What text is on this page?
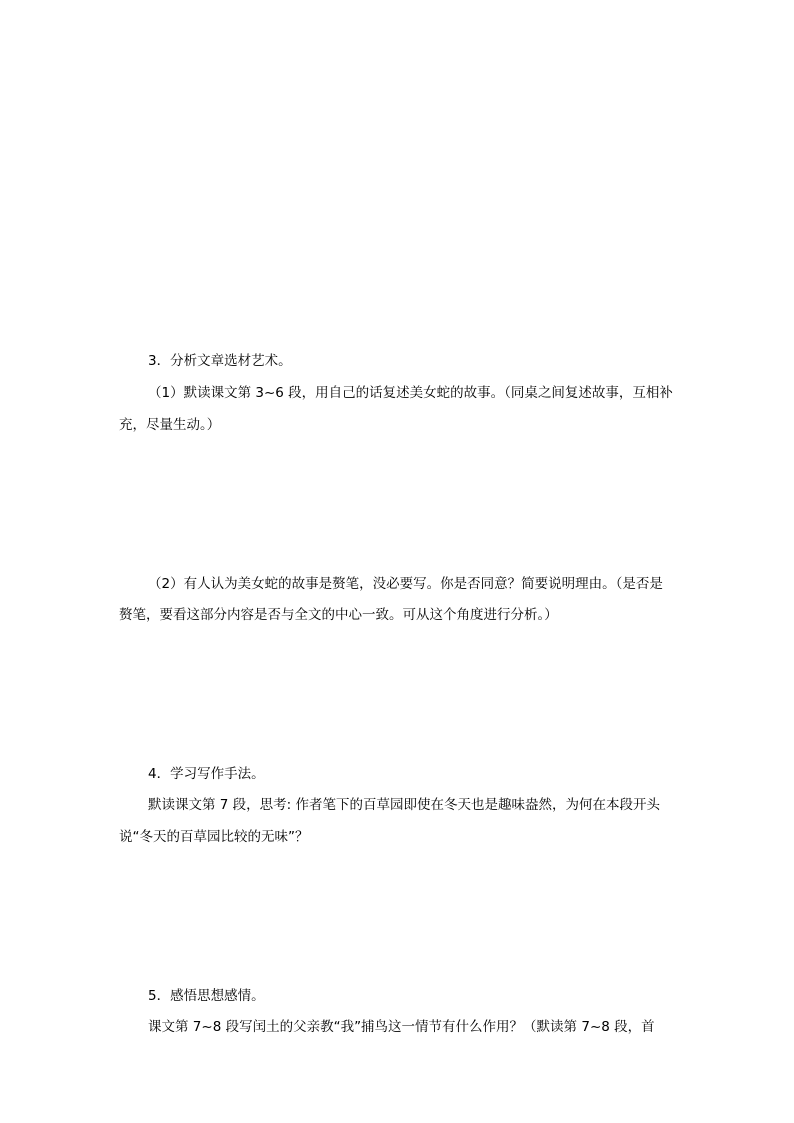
3．分析文章选材艺术。
（1）默读课文第 3~6 段，用自己的话复述美女蛇的故事。（同桌之间复述故事，互相补
充，尽量生动。）
（2）有人认为美女蛇的故事是赘笔，没必要写。你是否同意？简要说明理由。（是否是
赘笔，要看这部分内容是否与全文的中心一致。可从这个角度进行分析。）
4．学习写作手法。
默读课文第 7 段，思考: 作者笔下的百草园即使在冬天也是趣味盎然，为何在本段开头
说“冬天的百草园比较的无味”？
5．感悟思想感情。
课文第 7~8 段写闰土的父亲教“我”捕鸟这一情节有什么作用？（默读第 7~8 段，首
